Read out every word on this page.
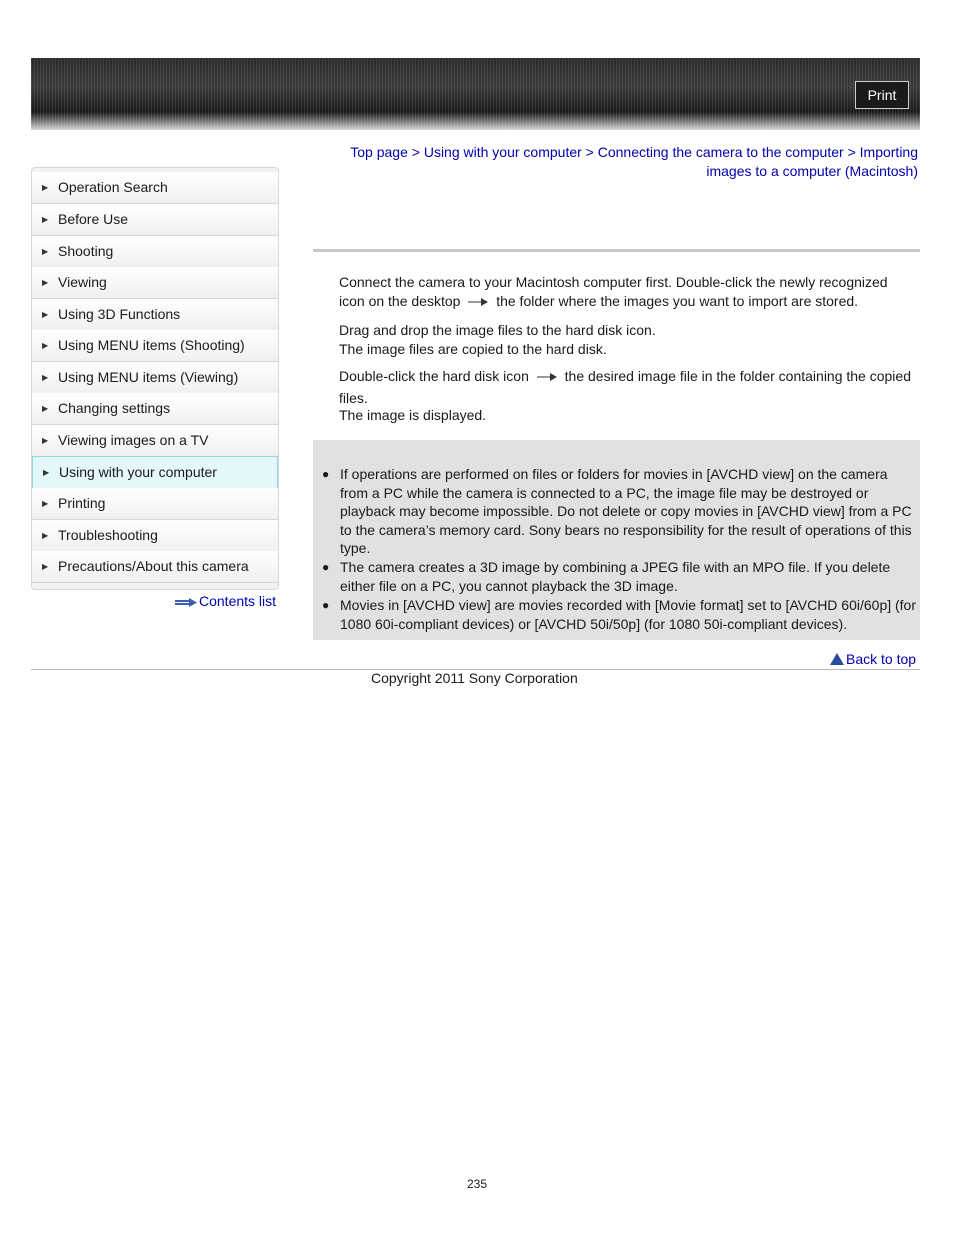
Print
▶ Operation Search
▶ Before Use
▶ Shooting
▶ Viewing
▶ Using 3D Functions
▶ Using MENU items (Shooting)
▶ Using MENU items (Viewing)
▶ Changing settings
▶ Viewing images on a TV
▶ Using with your computer
▶ Printing
▶ Troubleshooting
▶ Precautions/About this camera
Contents list
Top page > Using with your computer > Connecting the camera to the computer > Importing images to a computer (Macintosh)
Connect the camera to your Macintosh computer first. Double-click the newly recognized icon on the desktop	the folder where the images you want to import are stored.
Drag and drop the image files to the hard disk icon.
The image files are copied to the hard disk.
Double-click the hard disk icon	the desired image file in the folder containing the copied files.
The image is displayed.
● If operations are performed on files or folders for movies in [AVCHD view] on the camera from a PC while the camera is connected to a PC, the image file may be destroyed or playback may become impossible. Do not delete or copy movies in [AVCHD view] from a PC to the camera’s memory card. Sony bears no responsibility for the result of operations of this type.
● The camera creates a 3D image by combining a JPEG file with an MPO file. If you delete either file on a PC, you cannot playback the 3D image.
● Movies in [AVCHD view] are movies recorded with [Movie format] set to [AVCHD 60i/60p] (for 1080 60i-compliant devices) or [AVCHD 50i/50p] (for 1080 50i-compliant devices).
Back to top
Copyright 2011 Sony Corporation
235
